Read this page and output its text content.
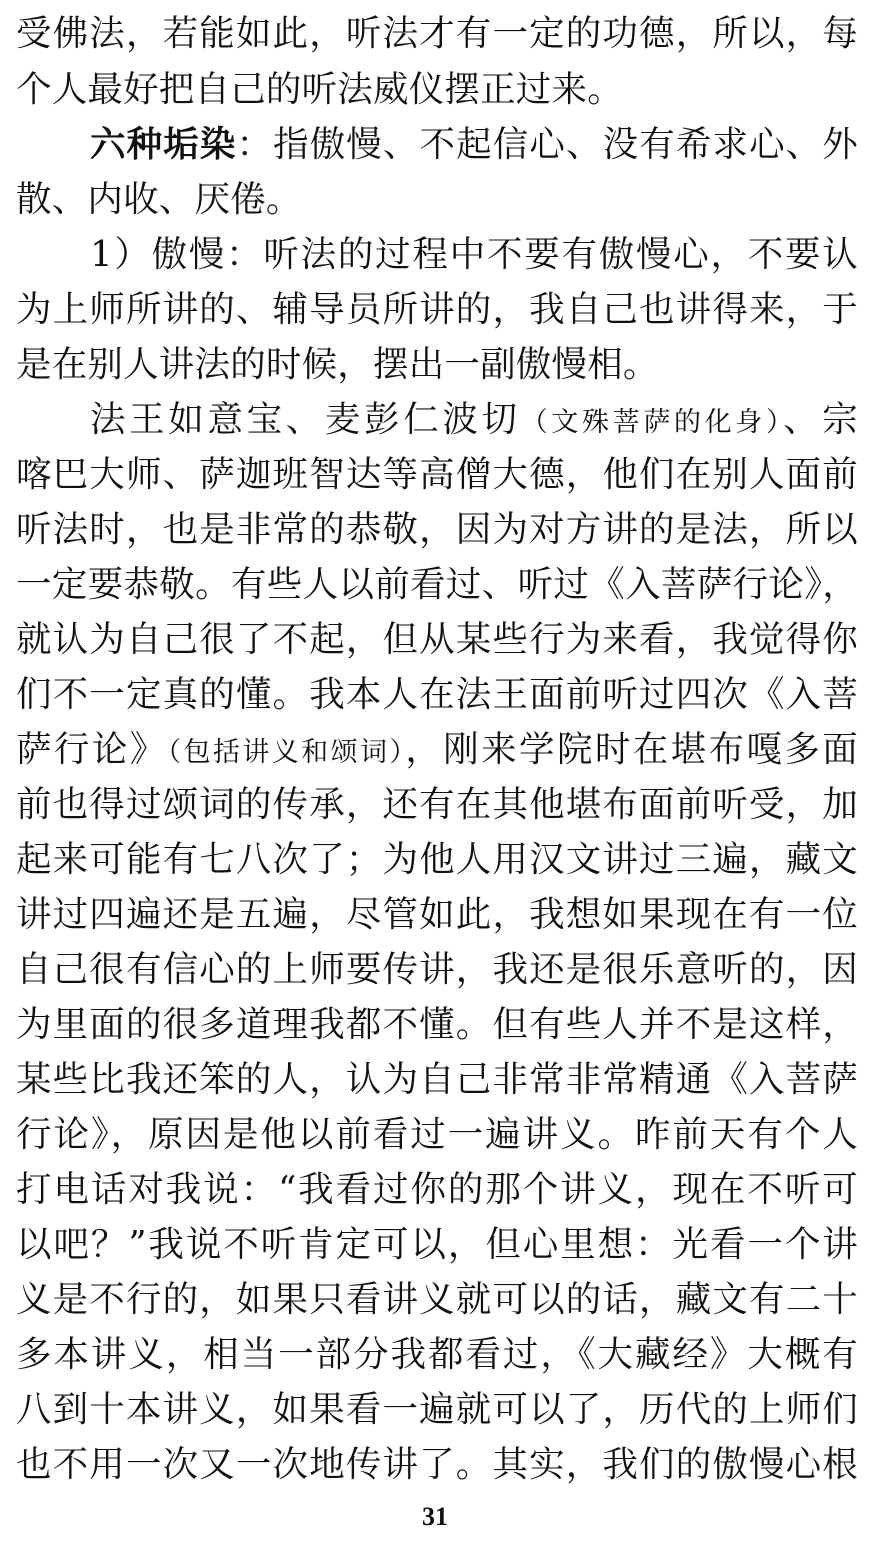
受佛法，若能如此，听法才有一定的功德，所以，每
个人最好把自己的听法威仪摆正过来。
六种垢染：指傲慢、不起信心、没有希求心、外
散、内收、厌倦。
1）傲慢：听法的过程中不要有傲慢心，不要认
为上师所讲的、辅导员所讲的，我自己也讲得来，于
是在别人讲法的时候，摆出一副傲慢相。
法王如意宝、麦彭仁波切（文殊菩萨的化身）、宗
喀巴大师、萨迦班智达等高僧大德，他们在别人面前
听法时，也是非常的恭敬，因为对方讲的是法，所以
一定要恭敬。有些人以前看过、听过《入菩萨行论》，
就认为自己很了不起，但从某些行为来看，我觉得你
们不一定真的懂。我本人在法王面前听过四次《入菩
萨行论》（包括讲义和颂词），刚来学院时在堪布嘎多面
前也得过颂词的传承，还有在其他堪布面前听受，加
起来可能有七八次了；为他人用汉文讲过三遍，藏文
讲过四遍还是五遍，尽管如此，我想如果现在有一位
自己很有信心的上师要传讲，我还是很乐意听的，因
为里面的很多道理我都不懂。但有些人并不是这样，
某些比我还笨的人，认为自己非常非常精通《入菩萨
行论》，原因是他以前看过一遍讲义。昨前天有个人
打电话对我说：“我看过你的那个讲义，现在不听可
以吧？”我说不听肯定可以，但心里想：光看一个讲
义是不行的，如果只看讲义就可以的话，藏文有二十
多本讲义，相当一部分我都看过，《大藏经》大概有
八到十本讲义，如果看一遍就可以了，历代的上师们
也不用一次又一次地传讲了。其实，我们的傲慢心根
31
